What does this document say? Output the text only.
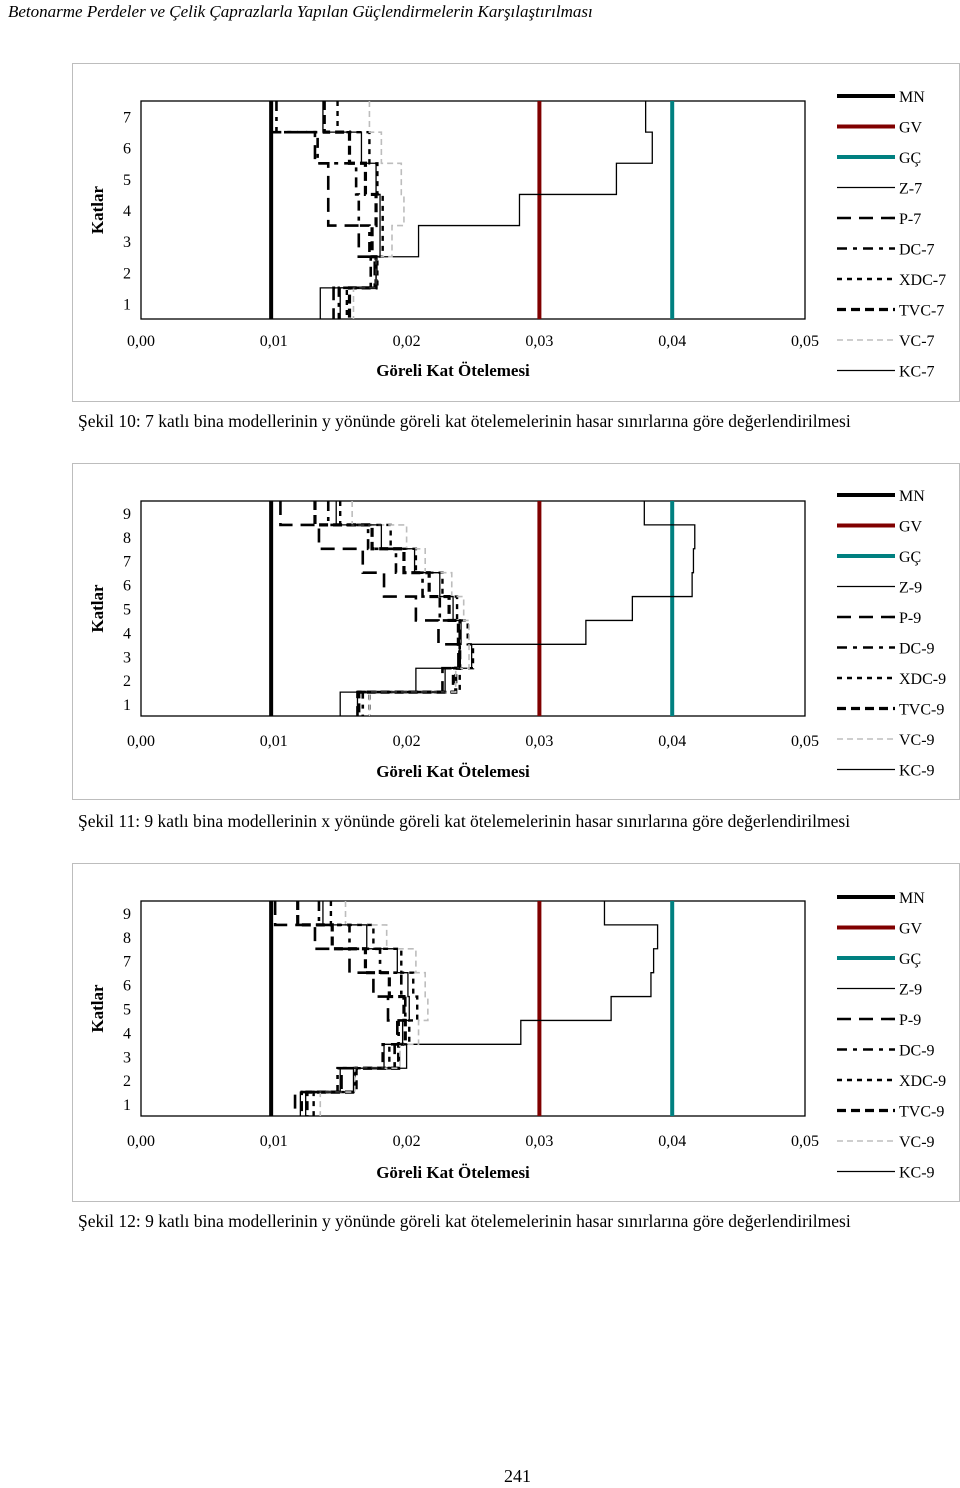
Betonarme Perdeler ve Çelik Çaprazlarla Yapılan Güçlendirmelerin Karşılaştırılması
0,00	0,01	0,02	0,03	0,04	0,05
7
6
5
4
3
2
1
Göreli Kat Ötelemesi
Katlar
MN
GV
GÇ
Z-7
P-7
DC-7
XDC-7
TVC-7
VC-7
KC-7
Şekil 10: 7 katlı bina modellerinin y yönünde göreli kat ötelemelerinin hasar sınırlarına göre değerlendirilmesi
0,00	0,01	0,02	0,03	0,04	0,05
9
8
7
6
5
4
3
2
1
Göreli Kat Ötelemesi
Katlar
MN
GV
GÇ
Z-9
P-9
DC-9
XDC-9
TVC-9
VC-9
KC-9
Şekil 11: 9 katlı bina modellerinin x yönünde göreli kat ötelemelerinin hasar sınırlarına göre değerlendirilmesi
0,00	0,01	0,02	0,03	0,04	0,05
9
8
7
6
5
4
3
2
1
Göreli Kat Ötelemesi
Katlar
MN
GV
GÇ
Z-9
P-9
DC-9
XDC-9
TVC-9
VC-9
KC-9
Şekil 12: 9 katlı bina modellerinin y yönünde göreli kat ötelemelerinin hasar sınırlarına göre değerlendirilmesi
241
